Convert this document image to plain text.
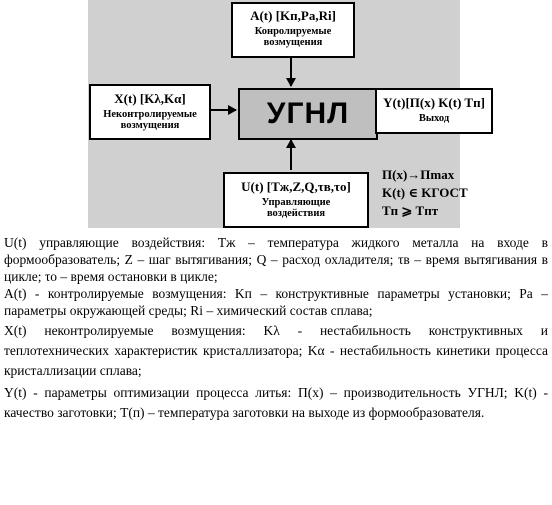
A(t) [Kп,Pа,Ri]
Конролируемые
возмущения
X(t) [Kλ,Kα]
Неконтролируемые
возмущения	УГНЛ	Y(t)[П(х) K(t) Tп]
Выход
U(t) [Tж,Z,Q,τв,τо]
Управляющие
воздействия
П(х)→Пmax
K(t) ∈ KГОСТ
Tп ⩾ Tпт

U(t) управляющие воздействия: Tж – температура жидкого металла на входе в формообразователь; Z – шаг вытягивания; Q – расход охладителя; τв – время вытягивания в цикле; τо – время остановки в цикле;

A(t) - контролируемые возмущения: Kп – конструктивные параметры установки; Pа – параметры окружающей среды; Ri – химический состав сплава;

X(t) неконтролируемые возмущения: Kλ - нестабильность конструктивных и теплотехнических характеристик кристаллизатора; Kα - нестабильность кинетики процесса кристаллизации сплава;

Y(t) - параметры оптимизации процесса литья: П(х) – производительность УГНЛ; K(t) - качество заготовки; T(п) – температура заготовки на выходе из формообразователя.
